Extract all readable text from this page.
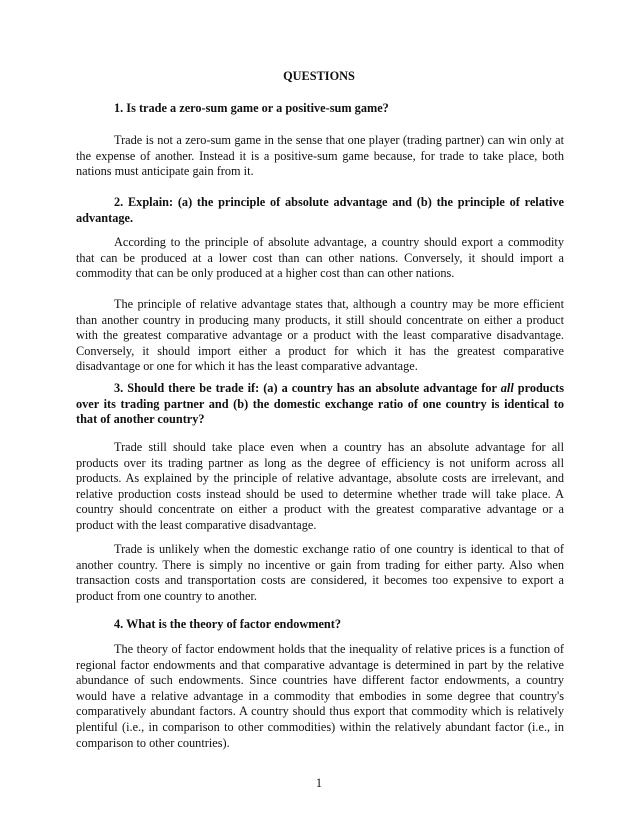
QUESTIONS
1. Is trade a zero-sum game or a positive-sum game?
Trade is not a zero-sum game in the sense that one player (trading partner) can win only at the expense of another. Instead it is a positive-sum game because, for trade to take place, both nations must anticipate gain from it.
2. Explain: (a) the principle of absolute advantage and (b) the principle of relative advantage.
According to the principle of absolute advantage, a country should export a commodity that can be produced at a lower cost than can other nations. Conversely, it should import a commodity that can be only produced at a higher cost than can other nations.
The principle of relative advantage states that, although a country may be more efficient than another country in producing many products, it still should concentrate on either a product with the greatest comparative advantage or a product with the least comparative disadvantage. Conversely, it should import either a product for which it has the greatest comparative disadvantage or one for which it has the least comparative advantage.
3. Should there be trade if: (a) a country has an absolute advantage for all products over its trading partner and (b) the domestic exchange ratio of one country is identical to that of another country?
Trade still should take place even when a country has an absolute advantage for all products over its trading partner as long as the degree of efficiency is not uniform across all products. As explained by the principle of relative advantage, absolute costs are irrelevant, and relative production costs instead should be used to determine whether trade will take place. A country should concentrate on either a product with the greatest comparative advantage or a product with the least comparative disadvantage.
Trade is unlikely when the domestic exchange ratio of one country is identical to that of another country. There is simply no incentive or gain from trading for either party. Also when transaction costs and transportation costs are considered, it becomes too expensive to export a product from one country to another.
4. What is the theory of factor endowment?
The theory of factor endowment holds that the inequality of relative prices is a function of regional factor endowments and that comparative advantage is determined in part by the relative abundance of such endowments. Since countries have different factor endowments, a country would have a relative advantage in a commodity that embodies in some degree that country's comparatively abundant factors. A country should thus export that commodity which is relatively plentiful (i.e., in comparison to other commodities) within the relatively abundant factor (i.e., in comparison to other countries).
1
